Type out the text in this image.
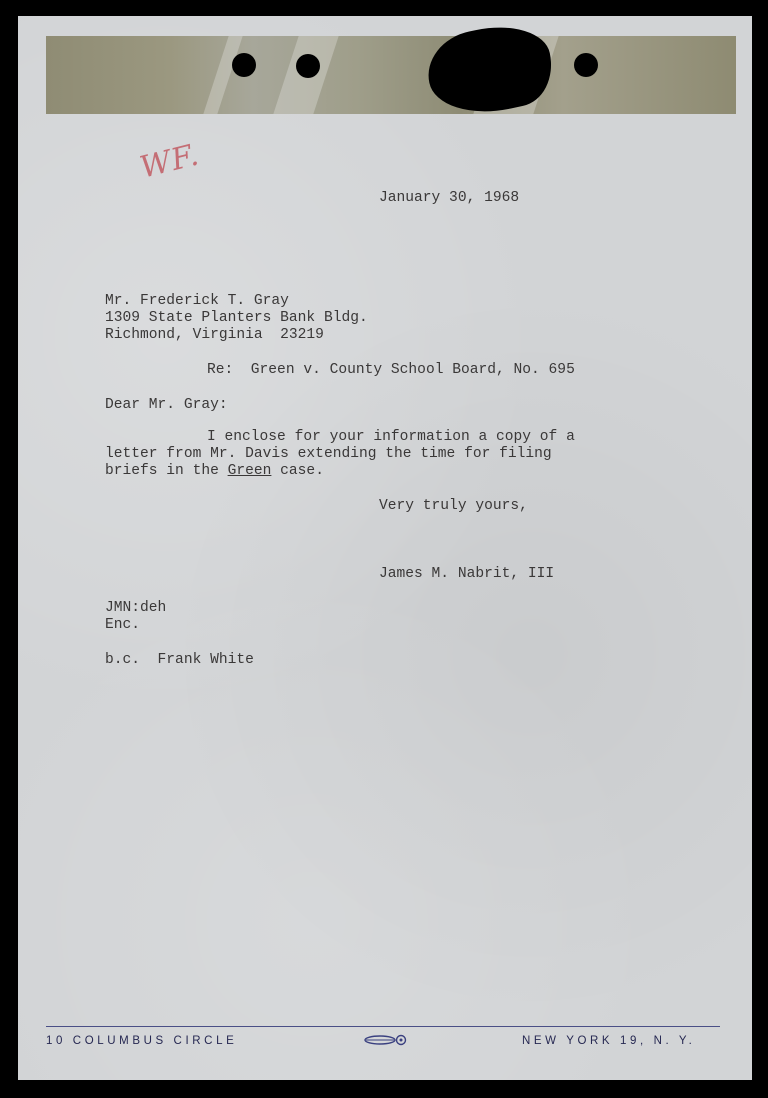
WF.
January 30, 1968
Mr. Frederick T. Gray
1309 State Planters Bank Bldg.
Richmond, Virginia  23219
Re:  Green v. County School Board, No. 695
Dear Mr. Gray:
I enclose for your information a copy of a
letter from Mr. Davis extending the time for filing
briefs in the Green case.
Very truly yours,
James M. Nabrit, III
JMN:deh
Enc.
b.c.  Frank White
10 COLUMBUS CIRCLE	NEW YORK 19, N. Y.
